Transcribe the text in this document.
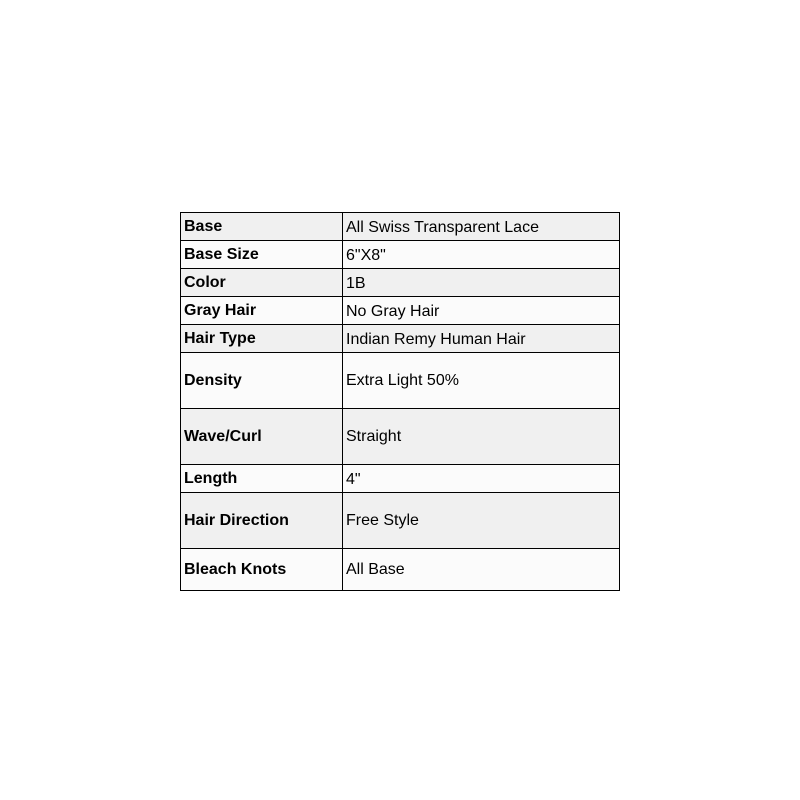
Base	All Swiss Transparent Lace
Base Size	6"X8"
Color	1B
Gray Hair	No Gray Hair
Hair Type	Indian Remy Human Hair
Density	Extra Light 50%
Wave/Curl	Straight
Length	4"
Hair Direction	Free Style
Bleach Knots	All Base
